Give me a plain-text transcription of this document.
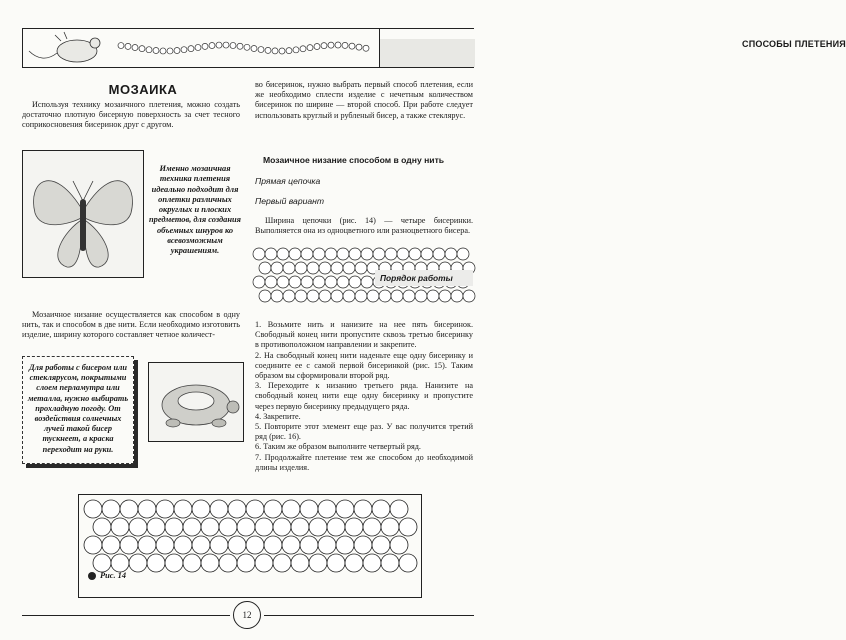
СПОСОБЫ ПЛЕТЕНИЯ
МОЗАИКА

Используя технику мозаичного плетения, можно создать достаточно плотную бисерную поверхность за счет тесного соприкосновения бисеринок друг с другом.

Именно мозаичная техника плетения идеально подходит для оплетки различных округлых и плоских предметов, для создания объемных шнуров ко всевозможным украшениям.

Мозаичное низание осуществляется как способом в одну нить, так и способом в две нити. Если необходимо изготовить изделие, ширину которого составляет четное количест-

Для работы с бисером или стеклярусом, покрытыми слоем перламутра или металла, нужно выбирать прохладную погоду. От воздействия солнечных лучей такой бисер тускнеет, а краска переходит на руки.

во бисеринок, нужно выбрать первый способ плетения, если же необходимо сплести изделие с нечетным количеством бисеринок по ширине — второй способ. При работе следует использовать круглый и рубленый бисер, а также стеклярус.

Мозаичное низание способом в одну нить
Прямая цепочка
Первый вариант

Ширина цепочки (рис. 14) — четыре бисеринки. Выполняется она из одноцветного или разноцветного бисера.

Порядок работы

1. Возьмите нить и нанизите на нее пять бисеринок. Свободный конец нити пропустите сквозь третью бисеринку в противоположном направлении и закрепите.

2. На свободный конец нити наденьте еще одну бисеринку и соедините ее с самой первой бисеринкой (рис. 15). Таким образом вы сформировали второй ряд.

3. Переходите к низанию третьего ряда. Нанизите на свободный конец нити еще одну бисеринку и пропустите через первую бисеринку предыдущего ряда.

4. Закрепите.

5. Повторите этот элемент еще раз. У вас получится третий ряд (рис. 16).

6. Таким же образом выполните четвертый ряд.

7. Продолжайте плетение тем же способом до необходимой длины изделия.

Рис. 14
12
